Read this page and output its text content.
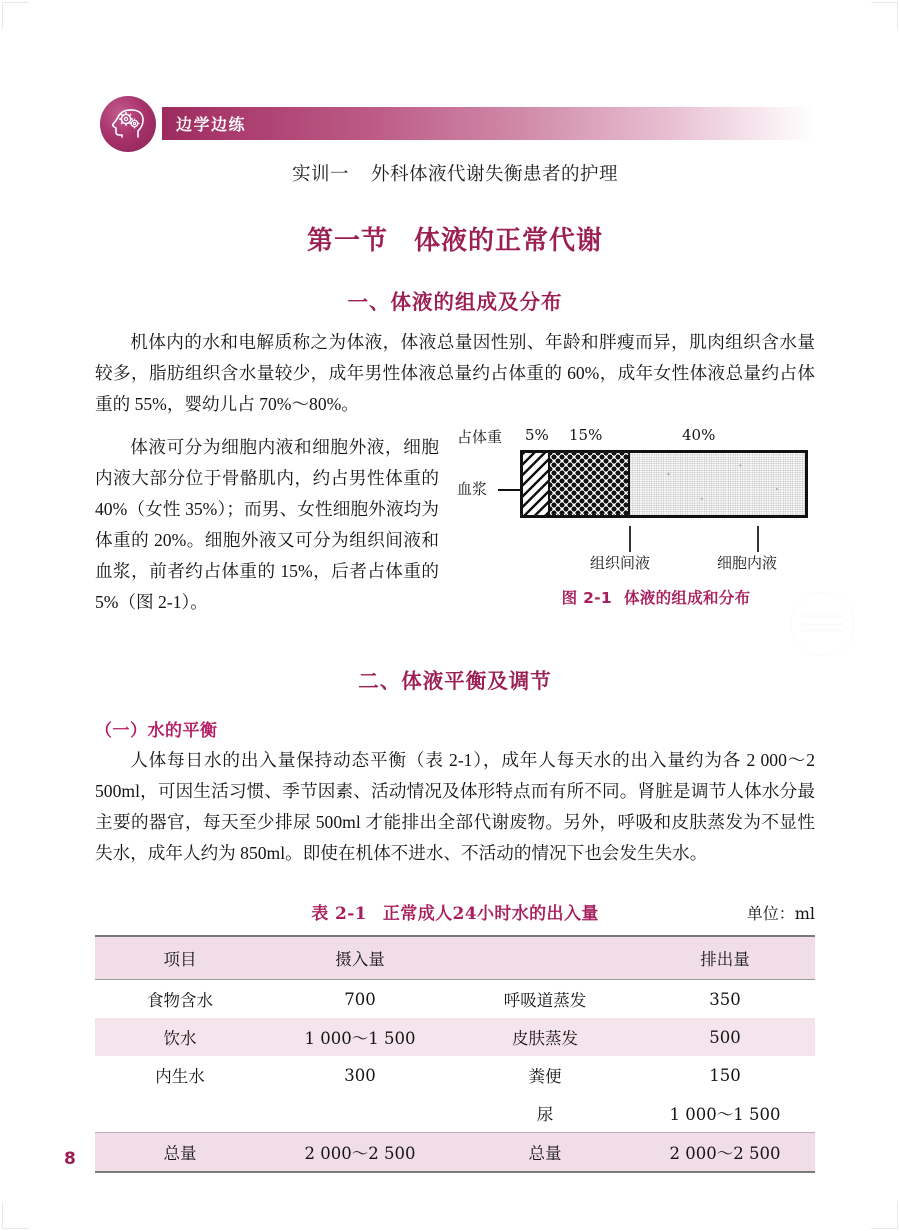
边学边练
实训一 外科体液代谢失衡患者的护理
第一节 体液的正常代谢
一、体液的组成及分布

机体内的水和电解质称之为体液，体液总量因性别、年龄和胖瘦而异，肌肉组织含水量较多，脂肪组织含水量较少，成年男性体液总量约占体重的 60%，成年女性体液总量约占体重的 55%，婴幼儿占 70%～80%。

占体重 5% 15%	40%
血浆
组织间液	细胞内液
图 2-1 体液的组成和分布

体液可分为细胞内液和细胞外液，细胞内液大部分位于骨骼肌内，约占男性体重的 40%（女性 35%）；而男、女性细胞外液均为体重的 20%。细胞外液又可分为组织间液和血浆，前者约占体重的 15%，后者占体重的 5%（图 2-1）。

二、体液平衡及调节
（一）水的平衡

人体每日水的出入量保持动态平衡（表 2-1），成年人每天水的出入量约为各 2 000～2 500ml，可因生活习惯、季节因素、活动情况及体形特点而有所不同。肾脏是调节人体水分最主要的器官，每天至少排尿 500ml 才能排出全部代谢废物。另外，呼吸和皮肤蒸发为不显性失水，成年人约为 850ml。即使在机体不进水、不活动的情况下也会发生失水。

表 2-1 正常成人24小时水的出入量	单位：ml
项目	摄入量		排出量
食物含水	700	呼吸道蒸发	350
饮水	1 000～1 500	皮肤蒸发	500
内生水	300	粪便	150
		尿	1 000～1 500
总量	2 000～2 500	总量	2 000～2 500
8
